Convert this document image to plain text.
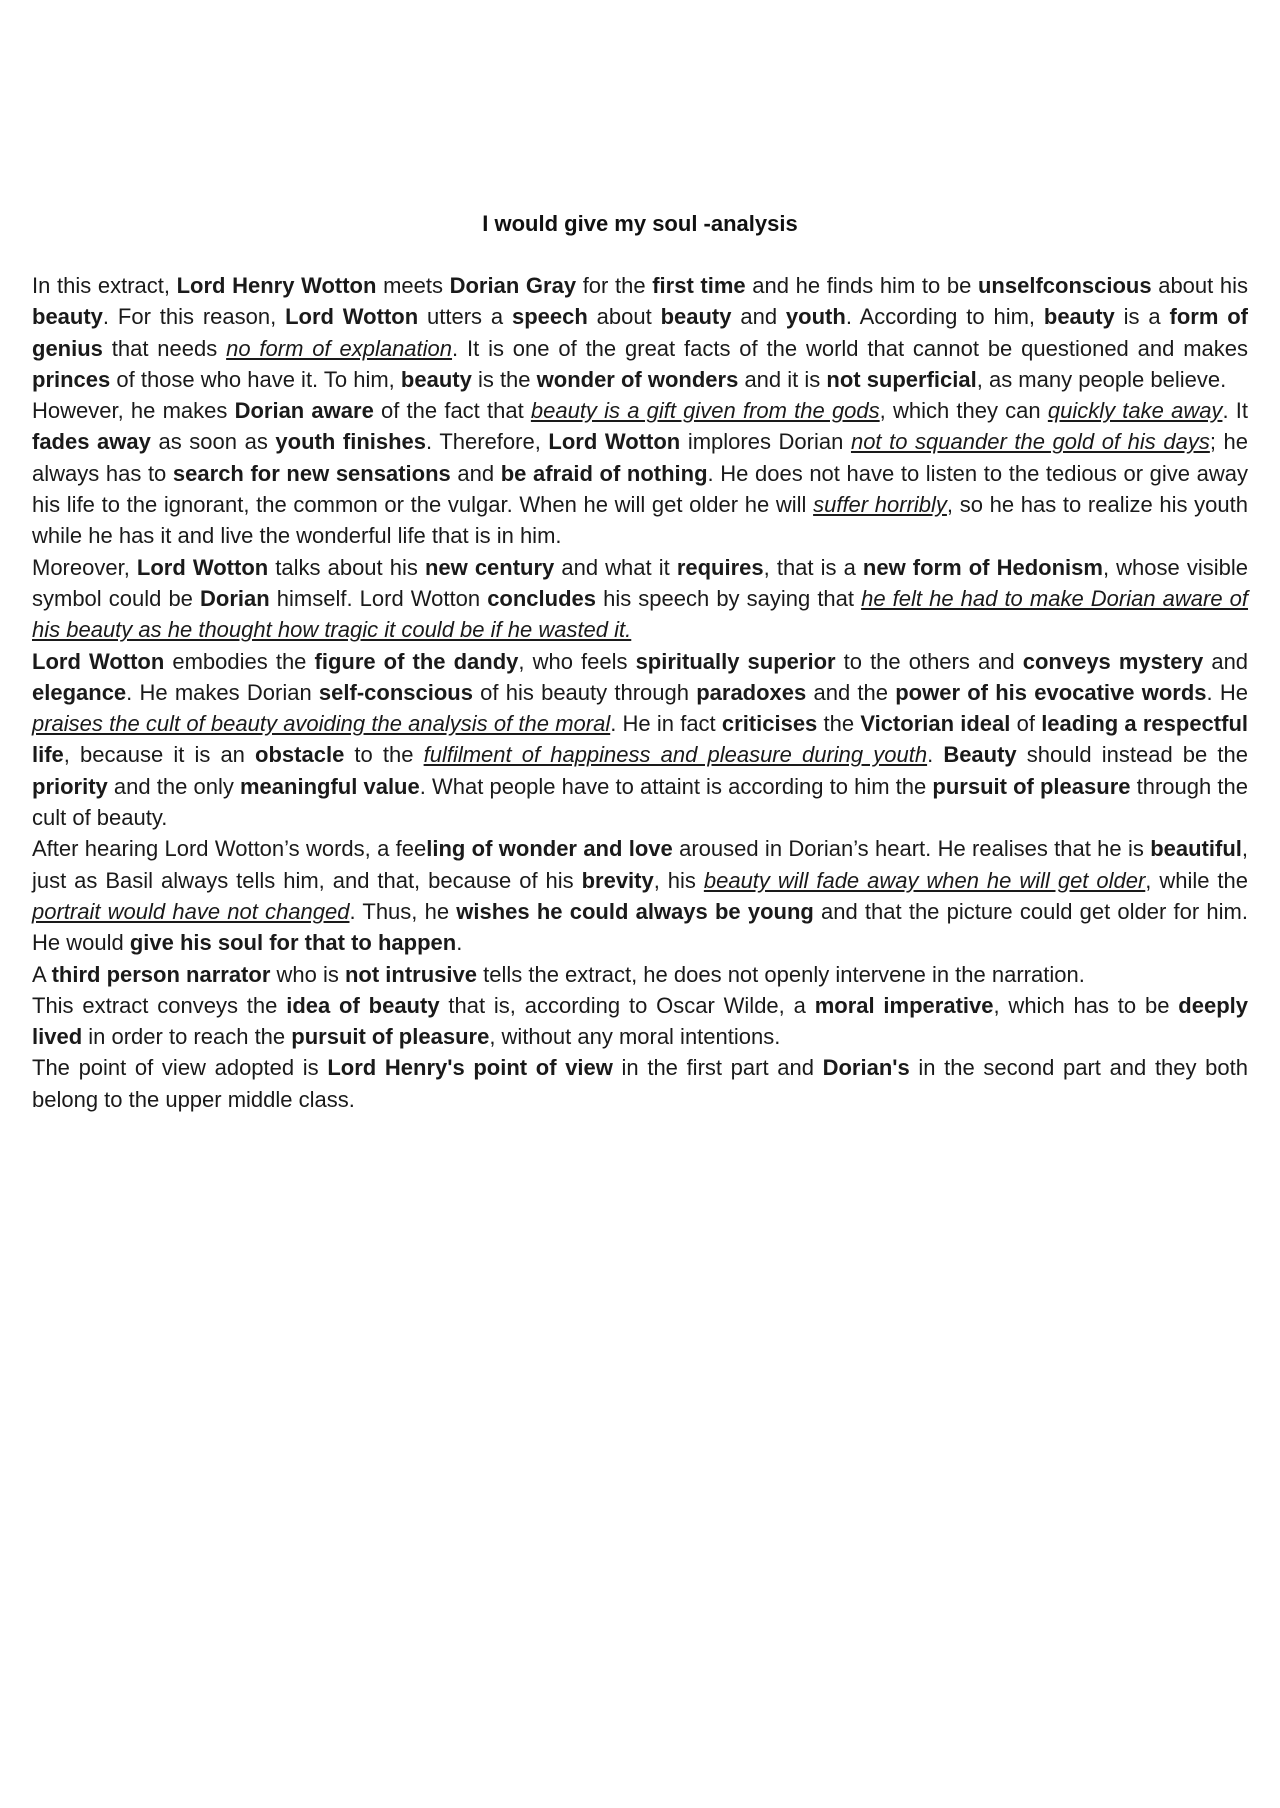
I would give my soul -analysis

In this extract, Lord Henry Wotton meets Dorian Gray for the first time and he finds him to be unselfconscious about his beauty. For this reason, Lord Wotton utters a speech about beauty and youth. According to him, beauty is a form of genius that needs no form of explanation. It is one of the great facts of the world that cannot be questioned and makes princes of those who have it. To him, beauty is the wonder of wonders and it is not superficial, as many people believe.

However, he makes Dorian aware of the fact that beauty is a gift given from the gods, which they can quickly take away. It fades away as soon as youth finishes. Therefore, Lord Wotton implores Dorian not to squander the gold of his days; he always has to search for new sensations and be afraid of nothing. He does not have to listen to the tedious or give away his life to the ignorant, the common or the vulgar. When he will get older he will suffer horribly, so he has to realize his youth while he has it and live the wonderful life that is in him.

Moreover, Lord Wotton talks about his new century and what it requires, that is a new form of Hedonism, whose visible symbol could be Dorian himself. Lord Wotton concludes his speech by saying that he felt he had to make Dorian aware of his beauty as he thought how tragic it could be if he wasted it.

Lord Wotton embodies the figure of the dandy, who feels spiritually superior to the others and conveys mystery and elegance. He makes Dorian self-conscious of his beauty through paradoxes and the power of his evocative words. He praises the cult of beauty avoiding the analysis of the moral. He in fact criticises the Victorian ideal of leading a respectful life, because it is an obstacle to the fulfilment of happiness and pleasure during youth. Beauty should instead be the priority and the only meaningful value. What people have to attaint is according to him the pursuit of pleasure through the cult of beauty.

After hearing Lord Wotton’s words, a feeling of wonder and love aroused in Dorian’s heart. He realises that he is beautiful, just as Basil always tells him, and that, because of his brevity, his beauty will fade away when he will get older, while the portrait would have not changed. Thus, he wishes he could always be young and that the picture could get older for him. He would give his soul for that to happen.

A third person narrator who is not intrusive tells the extract, he does not openly intervene in the narration.

This extract conveys the idea of beauty that is, according to Oscar Wilde, a moral imperative, which has to be deeply lived in order to reach the pursuit of pleasure, without any moral intentions.

The point of view adopted is Lord Henry's point of view in the first part and Dorian's in the second part and they both belong to the upper middle class.
